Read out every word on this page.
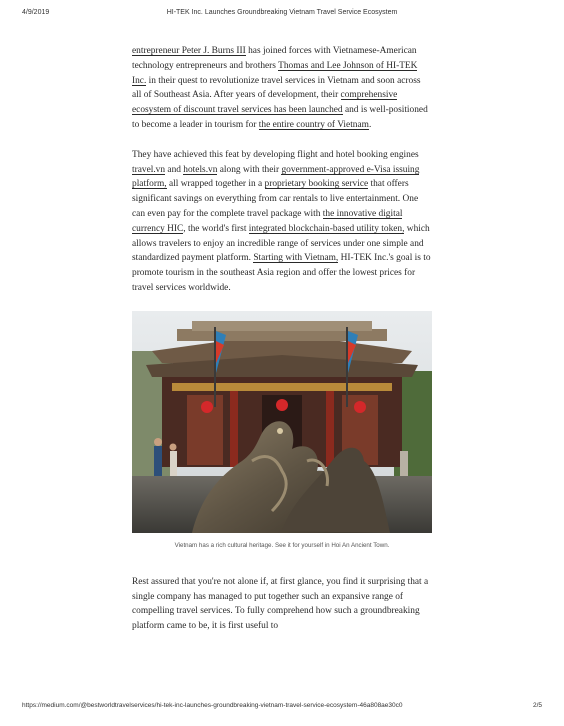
4/9/2019	HI-TEK Inc. Launches Groundbreaking Vietnam Travel Service Ecosystem

entrepreneur Peter J. Burns III has joined forces with Vietnamese-American technology entrepreneurs and brothers Thomas and Lee Johnson of HI-TEK Inc. in their quest to revolutionize travel services in Vietnam and soon across all of Southeast Asia. After years of development, their comprehensive ecosystem of discount travel services has been launched and is well-positioned to become a leader in tourism for the entire country of Vietnam.

They have achieved this feat by developing flight and hotel booking engines travel.vn and hotels.vn along with their government-approved e-Visa issuing platform, all wrapped together in a proprietary booking service that offers significant savings on everything from car rentals to live entertainment. One can even pay for the complete travel package with the innovative digital currency HIC, the world's first integrated blockchain-based utility token, which allows travelers to enjoy an incredible range of services under one simple and standardized payment platform. Starting with Vietnam, HI-TEK Inc.'s goal is to promote tourism in the southeast Asia region and offer the lowest prices for travel services worldwide.

Vietnam has a rich cultural heritage. See it for yourself in Hoi An Ancient Town.

Rest assured that you're not alone if, at first glance, you find it surprising that a single company has managed to put together such an expansive range of compelling travel services. To fully comprehend how such a groundbreaking platform came to be, it is first useful to

https://medium.com/@bestworldtravelservices/hi-tek-inc-launches-groundbreaking-vietnam-travel-service-ecosystem-46a808ae30c0	2/5
